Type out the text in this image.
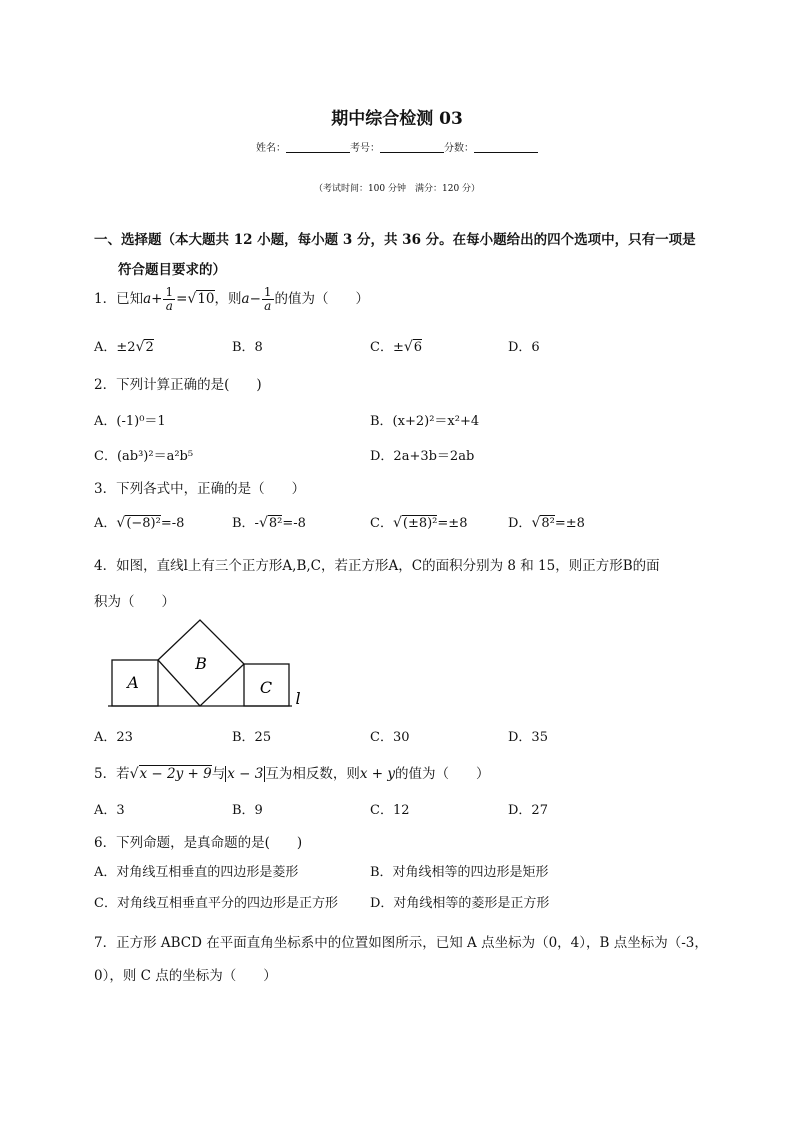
期中综合检测 03
姓名：	考号：	分数：
（考试时间：100 分钟　满分：120 分）
一、选择题（本大题共 12 小题，每小题 3 分，共 36 分。在每小题给出的四个选项中，只有一项是
符合题目要求的）
1．已知$a+ \frac{1}{a} =√10$，则$a- \frac{1}{a}$ 的值为（　　）
A．±2√2	B．8	C．±√6	D．6
2．下列计算正确的是(　　)
A．(-1)⁰＝1	B．(x+2)²＝x²+4
C．(ab³)²＝a²b⁵	D．2a+3b＝2ab
3．下列各式中，正确的是（　　）
A．√(−8)²=-8	B．-√8²=-8	C．√(±8)²=±8	D．√8²=±8
4．如图，直线l上有三个正方形A,B,C，若正方形A，C的面积分别为 8 和 15，则正方形B的面
积为（　　）
A
B
C
l
A．23	B．25	C．30	D．35
5．若√x − 2y + 9与 x − 3 互为相反数，则x + y的值为（　　）
A．3	B．9	C．12	D．27
6．下列命题，是真命题的是(　　)
A．对角线互相垂直的四边形是菱形	B．对角线相等的四边形是矩形
C．对角线互相垂直平分的四边形是正方形 D．对角线相等的菱形是正方形
7．正方形 ABCD 在平面直角坐标系中的位置如图所示，已知 A 点坐标为（0，4），B 点坐标为（-3，
0），则 C 点的坐标为（　　）
